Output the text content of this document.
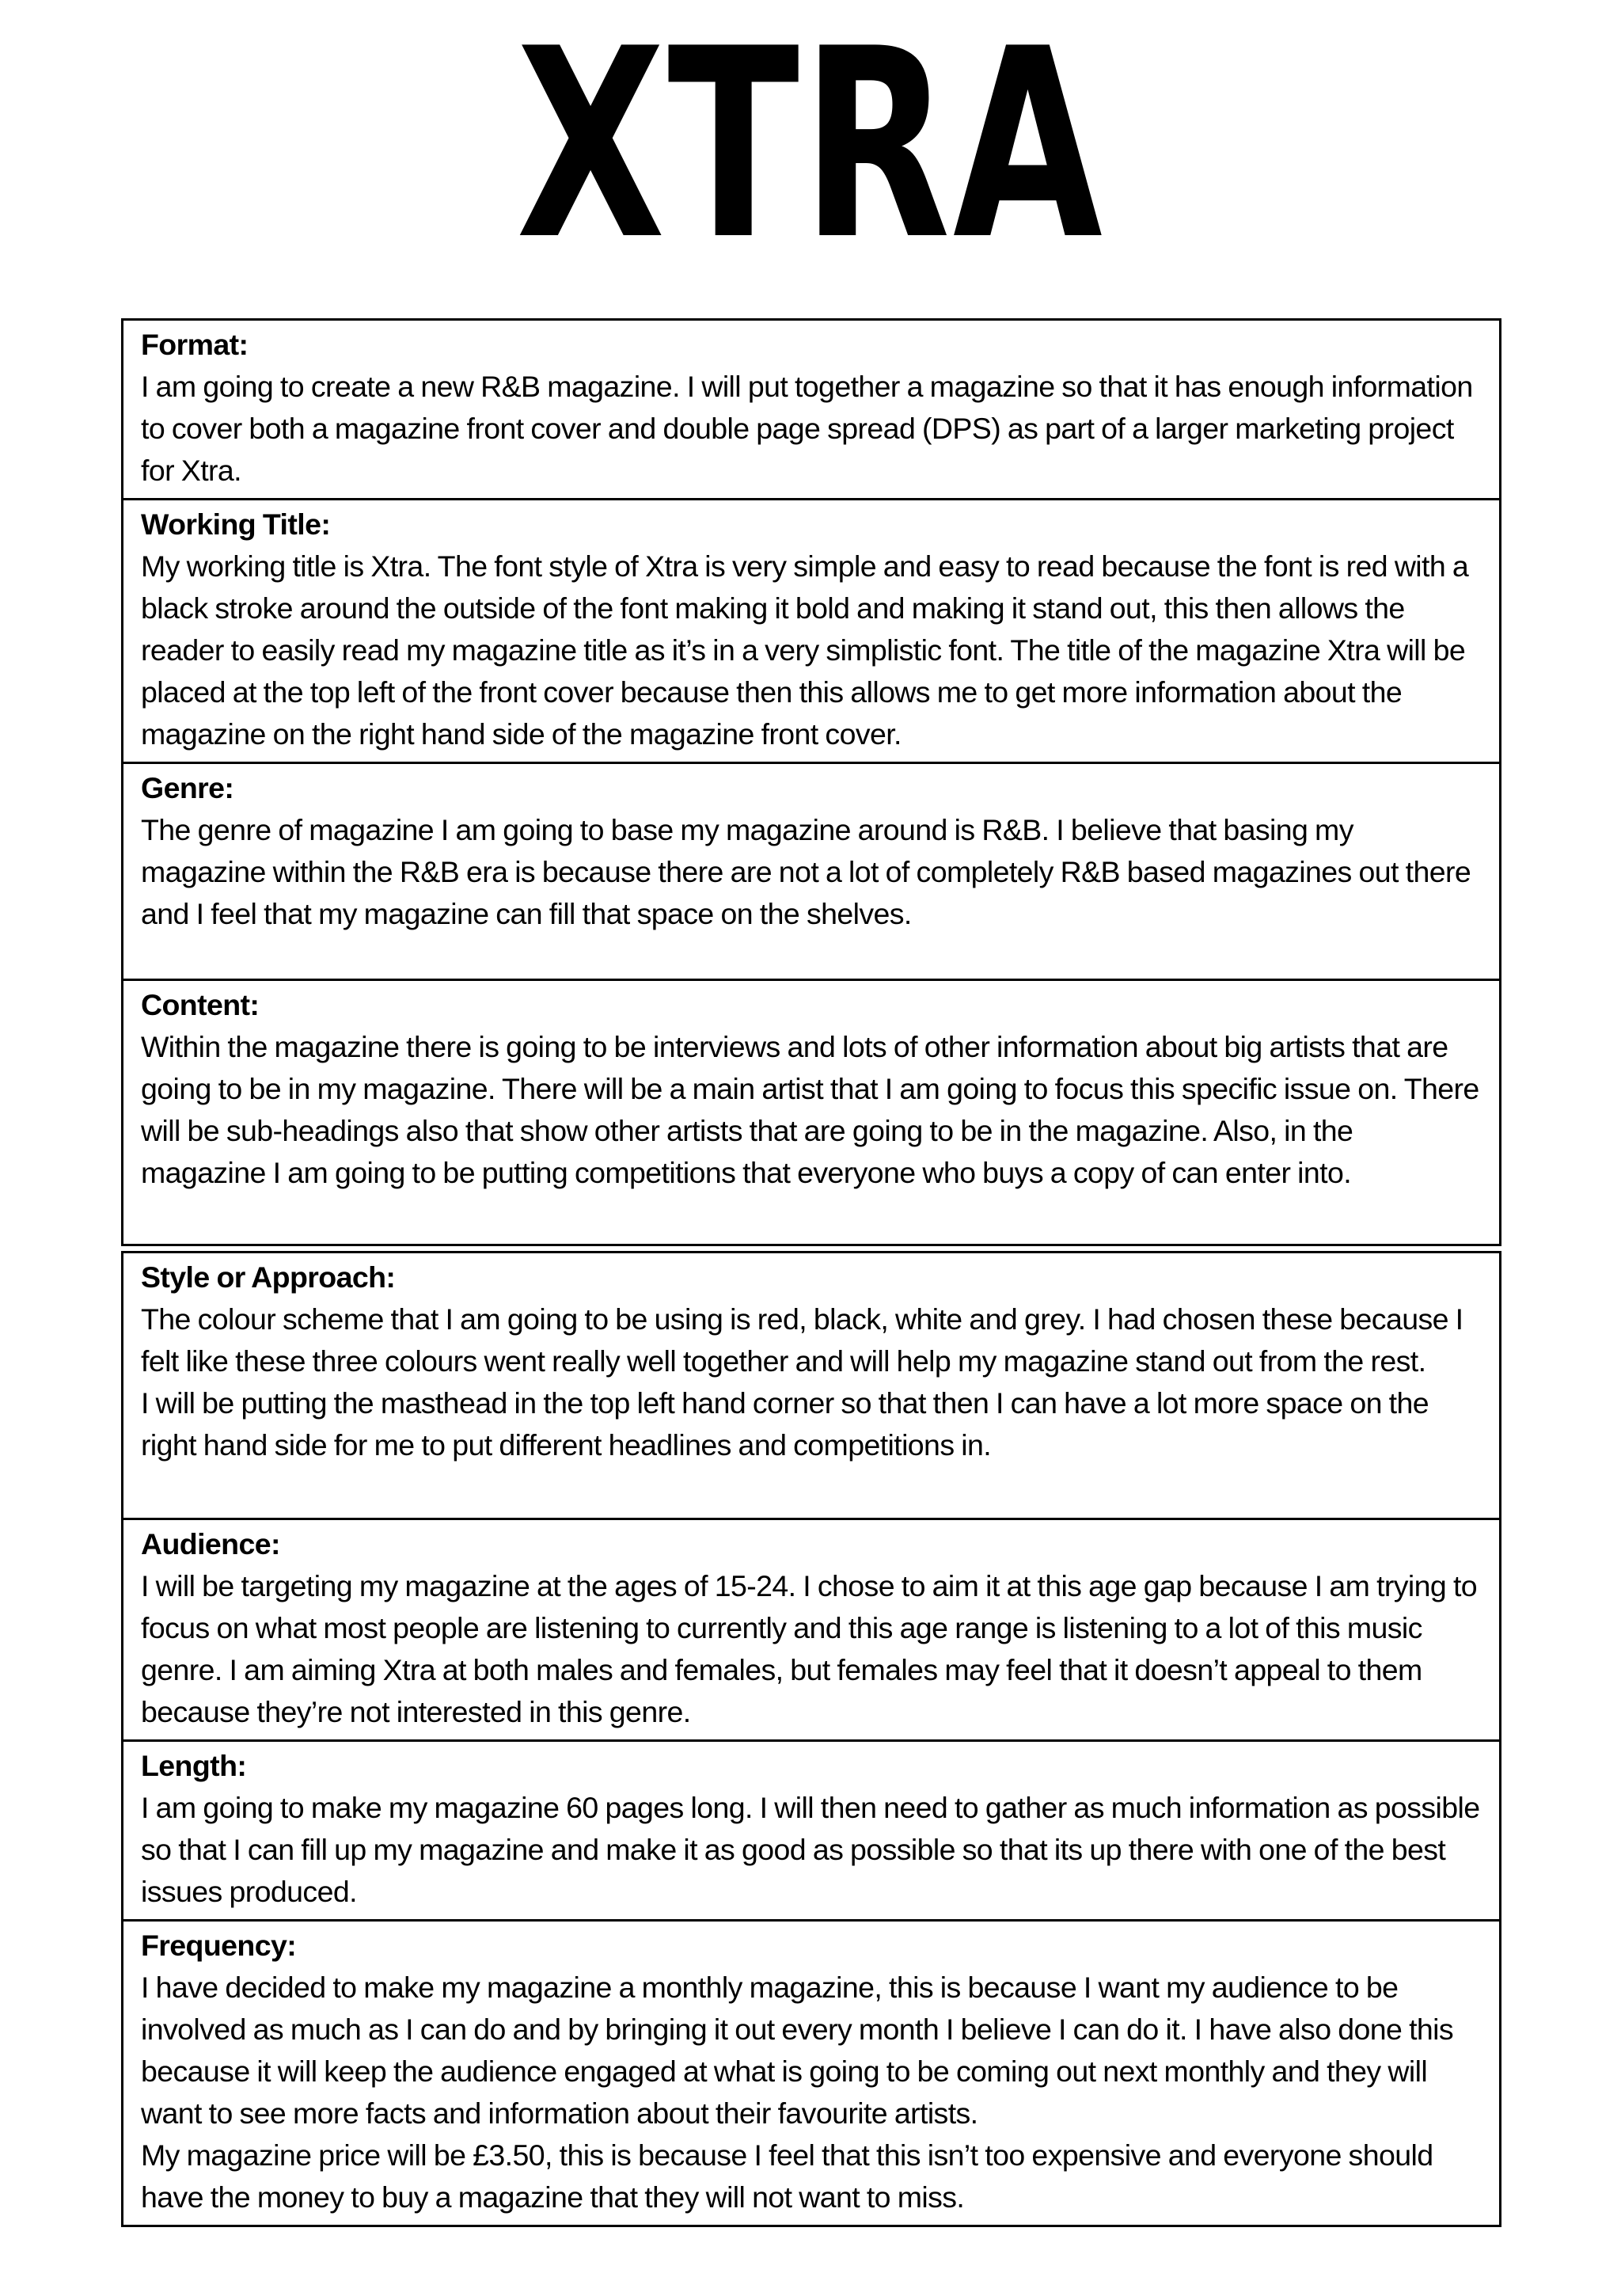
XTRA
Format:
I am going to create a new R&B magazine. I will put together a magazine so that it has enough information to cover both a magazine front cover and double page spread (DPS) as part of a larger marketing project for Xtra.

Working Title:
My working title is Xtra. The font style of Xtra is very simple and easy to read because the font is red with a black stroke around the outside of the font making it bold and making it stand out, this then allows the reader to easily read my magazine title as it’s in a very simplistic font. The title of the magazine Xtra will be placed at the top left of the front cover because then this allows me to get more information about the magazine on the right hand side of the magazine front cover.

Genre:
The genre of magazine I am going to base my magazine around is R&B. I believe that basing my magazine within the R&B era is because there are not a lot of completely R&B based magazines out there and I feel that my magazine can fill that space on the shelves.

Content:
Within the magazine there is going to be interviews and lots of other information about big artists that are going to be in my magazine. There will be a main artist that I am going to focus this specific issue on. There will be sub-headings also that show other artists that are going to be in the magazine. Also, in the magazine I am going to be putting competitions that everyone who buys a copy of can enter into.
Style or Approach:
The colour scheme that I am going to be using is red, black, white and grey. I had chosen these because I felt like these three colours went really well together and will help my magazine stand out from the rest.
I will be putting the masthead in the top left hand corner so that then I can have a lot more space on the right hand side for me to put different headlines and competitions in.

Audience:
I will be targeting my magazine at the ages of 15-24. I chose to aim it at this age gap because I am trying to focus on what most people are listening to currently and this age range is listening to a lot of this music genre. I am aiming Xtra at both males and females, but females may feel that it doesn’t appeal to them because they’re not interested in this genre.

Length:
I am going to make my magazine 60 pages long. I will then need to gather as much information as possible so that I can fill up my magazine and make it as good as possible so that its up there with one of the best issues produced.

Frequency:
I have decided to make my magazine a monthly magazine, this is because I want my audience to be involved as much as I can do and by bringing it out every month I believe I can do it. I have also done this because it will keep the audience engaged at what is going to be coming out next monthly and they will want to see more facts and information about their favourite artists.
My magazine price will be £3.50, this is because I feel that this isn’t too expensive and everyone should have the money to buy a magazine that they will not want to miss.
